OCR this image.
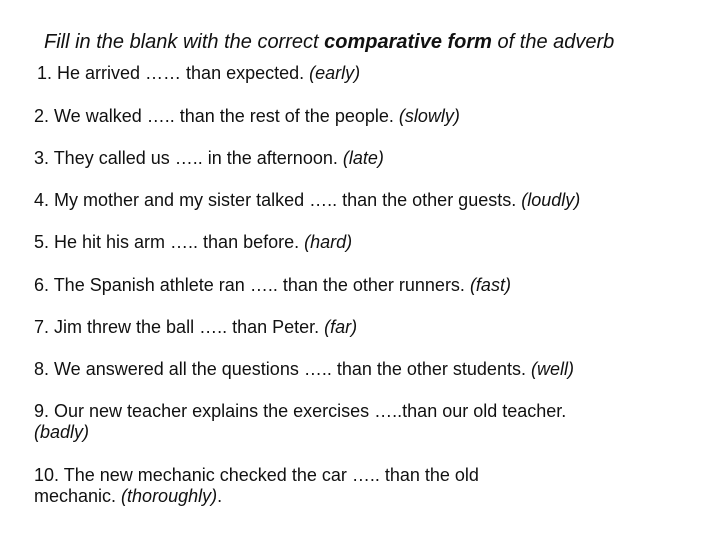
Fill in the blank with the correct comparative form of the adverb
1. He arrived …… than expected. (early)
2. We walked ….. than the rest of the people. (slowly)
3. They called us ….. in the afternoon. (late)
4. My mother and my sister talked ….. than the other guests. (loudly)
5. He hit his arm ….. than before. (hard)
6. The Spanish athlete ran ….. than the other runners. (fast)
7. Jim threw the ball ….. than Peter. (far)
8. We answered all the questions ….. than the other students. (well)
9. Our new teacher explains the exercises …..than our old teacher. (badly)
10. The new mechanic checked the car ….. than the old mechanic. (thoroughly).
